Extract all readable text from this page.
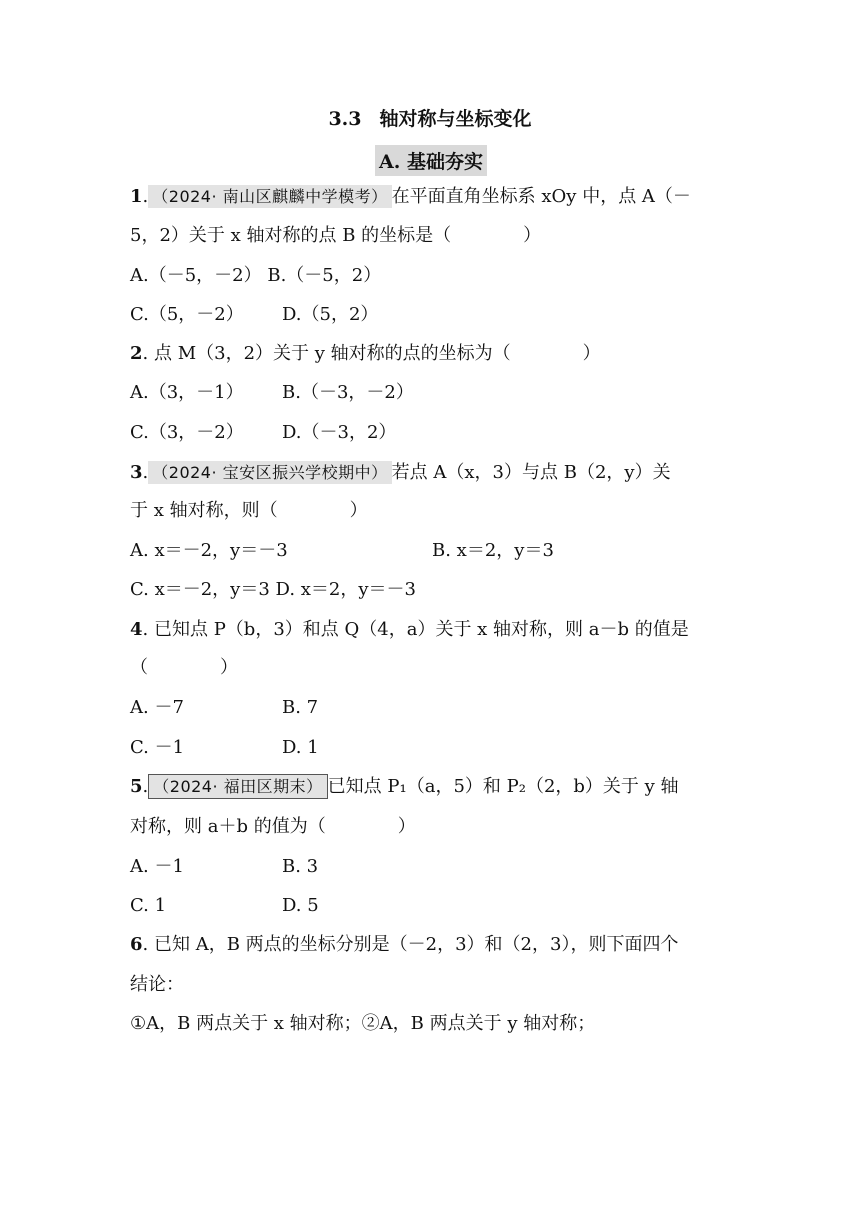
3.3 轴对称与坐标变化
A. 基础夯实
1. （2024· 南山区麒麟中学模考） 在平面直角坐标系 xOy 中，点 A（－
5，2）关于 x 轴对称的点 B 的坐标是（　　　　）
A.（－5，－2） B.（－5，2）
C.（5，－2） D.（5，2）
2. 点 M（3，2）关于 y 轴对称的点的坐标为（　　　　）
A.（3，－1） B.（－3，－2）
C.（3，－2） D.（－3，2）
3. （2024· 宝安区振兴学校期中） 若点 A（x，3）与点 B（2，y）关
于 x 轴对称，则（　　　　）
A. x＝－2，y＝－3	B. x＝2，y＝3
C. x＝－2，y＝3 D. x＝2，y＝－3
4. 已知点 P（b，3）和点 Q（4，a）关于 x 轴对称，则 a－b 的值是
（　　　　）
A. －7	B. 7
C. －1	D. 1
5. （2024· 福田区期末） 已知点 P₁（a，5）和 P₂（2，b）关于 y 轴
对称，则 a＋b 的值为（　　　　）
A. －1	B. 3
C. 1	D. 5
6. 已知 A，B 两点的坐标分别是（－2，3）和（2，3），则下面四个
结论：
①A，B 两点关于 x 轴对称；②A，B 两点关于 y 轴对称；
